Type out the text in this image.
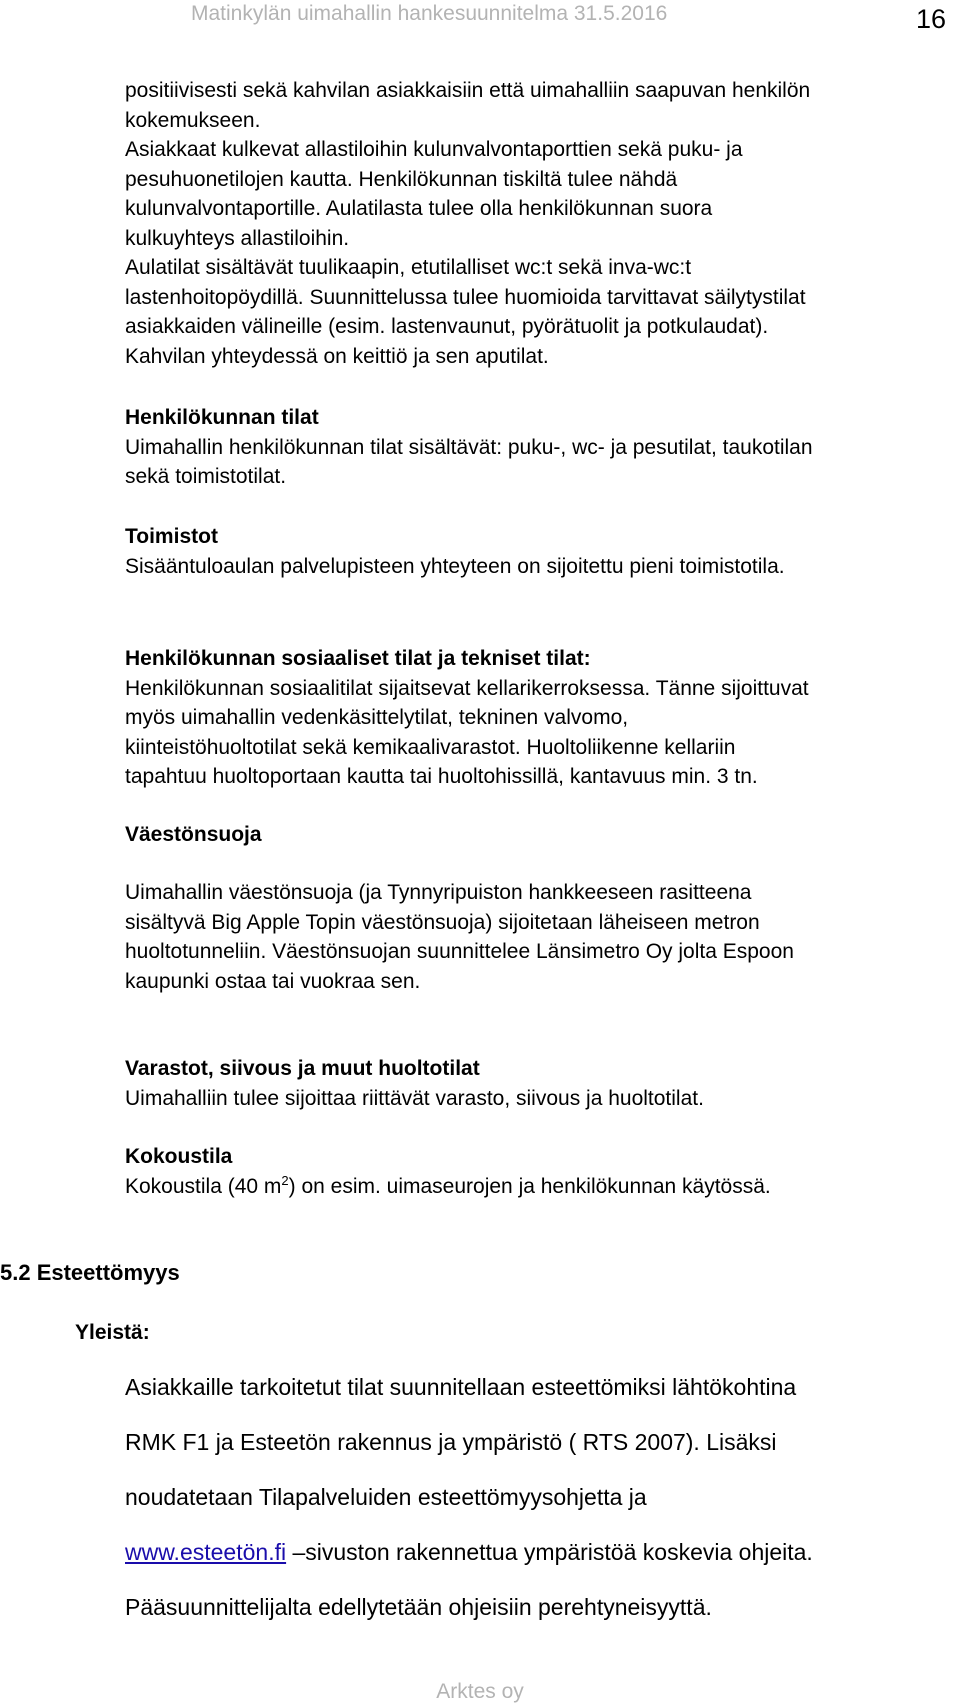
Matinkylän uimahallin hankesuunnitelma 31.5.2016	16

positiivisesti sekä kahvilan asiakkaisiin että uimahalliin saapuvan henkilön

kokemukseen.

Asiakkaat kulkevat allastiloihin kulunvalvontaporttien sekä puku- ja

pesuhuonetilojen kautta. Henkilökunnan tiskiltä tulee nähdä

kulunvalvontaportille. Aulatilasta tulee olla henkilökunnan suora

kulkuyhteys allastiloihin.

Aulatilat sisältävät tuulikaapin, etutilalliset wc:t sekä inva-wc:t

lastenhoitopöydillä. Suunnittelussa tulee huomioida tarvittavat säilytystilat

asiakkaiden välineille (esim. lastenvaunut, pyörätuolit ja potkulaudat).

Kahvilan yhteydessä on keittiö ja sen aputilat.

Henkilökunnan tilat

Uimahallin henkilökunnan tilat sisältävät: puku-, wc- ja pesutilat, taukotilan

sekä toimistotilat.

Toimistot

Sisääntuloaulan palvelupisteen yhteyteen on sijoitettu pieni toimistotila.

Henkilökunnan sosiaaliset tilat ja tekniset tilat:

Henkilökunnan sosiaalitilat sijaitsevat kellarikerroksessa. Tänne sijoittuvat

myös uimahallin vedenkäsittelytilat, tekninen valvomo,

kiinteistöhuoltotilat sekä kemikaalivarastot. Huoltoliikenne kellariin

tapahtuu huoltoportaan kautta tai huoltohissillä, kantavuus min. 3 tn.

Väestönsuoja

Uimahallin väestönsuoja (ja Tynnyripuiston hankkeeseen rasitteena

sisältyvä Big Apple Topin väestönsuoja) sijoitetaan läheiseen metron

huoltotunneliin. Väestönsuojan suunnittelee Länsimetro Oy jolta Espoon

kaupunki ostaa tai vuokraa sen.

Varastot, siivous ja muut huoltotilat

Uimahalliin tulee sijoittaa riittävät varasto, siivous ja huoltotilat.

Kokoustila

Kokoustila (40 $m^2$) on esim. uimaseurojen ja henkilökunnan käytössä.

5.2 Esteettömyys
Yleistä:

Asiakkaille tarkoitetut tilat suunnitellaan esteettömiksi lähtökohtina

RMK F1 ja Esteetön rakennus ja ympäristö ( RTS 2007). Lisäksi

noudatetaan Tilapalveluiden esteettömyysohjetta ja

www.esteetön.fi –sivuston rakennettua ympäristöä koskevia ohjeita.

Pääsuunnittelijalta edellytetään ohjeisiin perehtyneisyyttä.

Arktes oy
